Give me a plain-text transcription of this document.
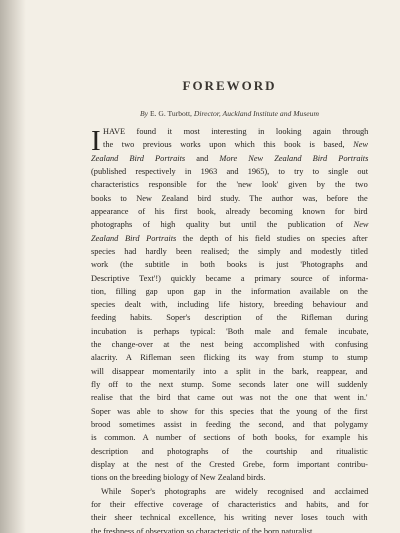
FOREWORD
By E. G. Turbott, Director, Auckland Institute and Museum
I HAVE found it most interesting in looking again through
the two previous works upon which this book is based, New
Zealand Bird Portraits and More New Zealand Bird Portraits
(published respectively in 1963 and 1965), to try to single out
characteristics responsible for the 'new look' given by the two
books to New Zealand bird study. The author was, before the
appearance of his first book, already becoming known for bird
photographs of high quality but until the publication of New
Zealand Bird Portraits the depth of his field studies on species after
species had hardly been realised; the simply and modestly titled
work (the subtitle in both books is just 'Photographs and
Descriptive Text'!) quickly became a primary source of informa-
tion, filling gap upon gap in the information available on the
species dealt with, including life history, breeding behaviour and
feeding habits. Soper's description of the Rifleman during
incubation is perhaps typical: 'Both male and female incubate,
the change-over at the nest being accomplished with confusing
alacrity. A Rifleman seen flicking its way from stump to stump
will disappear momentarily into a split in the bark, reappear, and
fly off to the next stump. Some seconds later one will suddenly
realise that the bird that came out was not the one that went in.'
Soper was able to show for this species that the young of the first
brood sometimes assist in feeding the second, and that polygamy
is common. A number of sections of both books, for example his
description and photographs of the courtship and ritualistic
display at the nest of the Crested Grebe, form important contribu-
tions on the breeding biology of New Zealand birds.
While Soper's photographs are widely recognised and acclaimed
for their effective coverage of characteristics and habits, and for
their sheer technical excellence, his writing never loses touch with
the freshness of observation so characteristic of the born naturalist.
